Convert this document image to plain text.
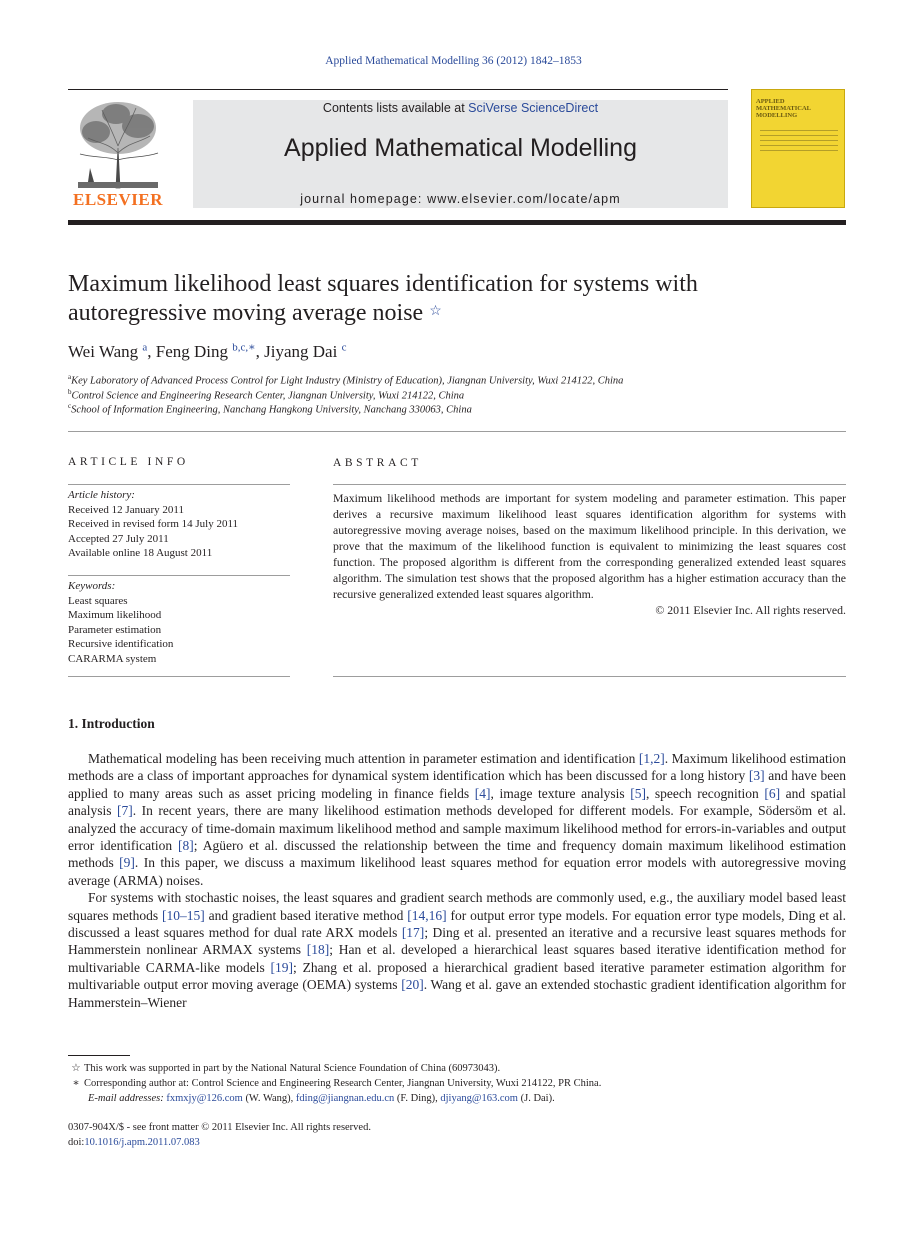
Applied Mathematical Modelling 36 (2012) 1842–1853
ELSEVIER
Contents lists available at SciVerse ScienceDirect
Applied Mathematical Modelling
journal homepage: www.elsevier.com/locate/apm
APPLIED MATHEMATICAL MODELLING
Maximum likelihood least squares identification for systems with
autoregressive moving average noise ☆
Wei Wang $^a$, Feng Ding $^{b,c,∗}$, Jiyang Dai $^c$
$^a$Key Laboratory of Advanced Process Control for Light Industry (Ministry of Education), Jiangnan University, Wuxi 214122, China
$^b$Control Science and Engineering Research Center, Jiangnan University, Wuxi 214122, China
$^c$School of Information Engineering, Nanchang Hangkong University, Nanchang 330063, China
ARTICLE INFO
Article history:
Received 12 January 2011
Received in revised form 14 July 2011
Accepted 27 July 2011
Available online 18 August 2011
Keywords:
Least squares
Maximum likelihood
Parameter estimation
Recursive identification
CARARMA system
ABSTRACT
Maximum likelihood methods are important for system modeling and parameter estimation. This paper derives a recursive maximum likelihood least squares identification algorithm for systems with autoregressive moving average noises, based on the maximum likelihood principle. In this derivation, we prove that the maximum of the likelihood function is equivalent to minimizing the least squares cost function. The proposed algorithm is different from the corresponding generalized extended least squares algorithm. The simulation test shows that the proposed algorithm has a higher estimation accuracy than the recursive generalized extended least squares algorithm.
© 2011 Elsevier Inc. All rights reserved.
1. Introduction

Mathematical modeling has been receiving much attention in parameter estimation and identification [1,2]. Maximum likelihood estimation methods are a class of important approaches for dynamical system identification which has been discussed for a long history [3] and have been applied to many areas such as asset pricing modeling in finance fields [4], image texture analysis [5], speech recognition [6] and spatial analysis [7]. In recent years, there are many likelihood estimation methods developed for different models. For example, Södersöm et al. analyzed the accuracy of time-domain maximum likelihood method and sample maximum likelihood method for errors-in-variables and output error identification [8]; Agüero et al. discussed the relationship between the time and frequency domain maximum likelihood estimation methods [9]. In this paper, we discuss a maximum likelihood least squares method for equation error models with autoregressive moving average (ARMA) noises.

For systems with stochastic noises, the least squares and gradient search methods are commonly used, e.g., the auxiliary model based least squares methods [10–15] and gradient based iterative method [14,16] for output error type models. For equation error type models, Ding et al. discussed a least squares method for dual rate ARX models [17]; Ding et al. presented an iterative and a recursive least squares methods for Hammerstein nonlinear ARMAX systems [18]; Han et al. developed a hierarchical least squares based iterative identification method for multivariable CARMA-like models [19]; Zhang et al. proposed a hierarchical gradient based iterative parameter estimation algorithm for multivariable output error moving average (OEMA) systems [20]. Wang et al. gave an extended stochastic gradient identification algorithm for Hammerstein–Wiener

☆ This work was supported in part by the National Natural Science Foundation of China (60973043).
∗ Corresponding author at: Control Science and Engineering Research Center, Jiangnan University, Wuxi 214122, PR China.
E-mail addresses: fxmxjy@126.com (W. Wang), fding@jiangnan.edu.cn (F. Ding), djiyang@163.com (J. Dai).
0307-904X/$ - see front matter © 2011 Elsevier Inc. All rights reserved.
doi:10.1016/j.apm.2011.07.083
